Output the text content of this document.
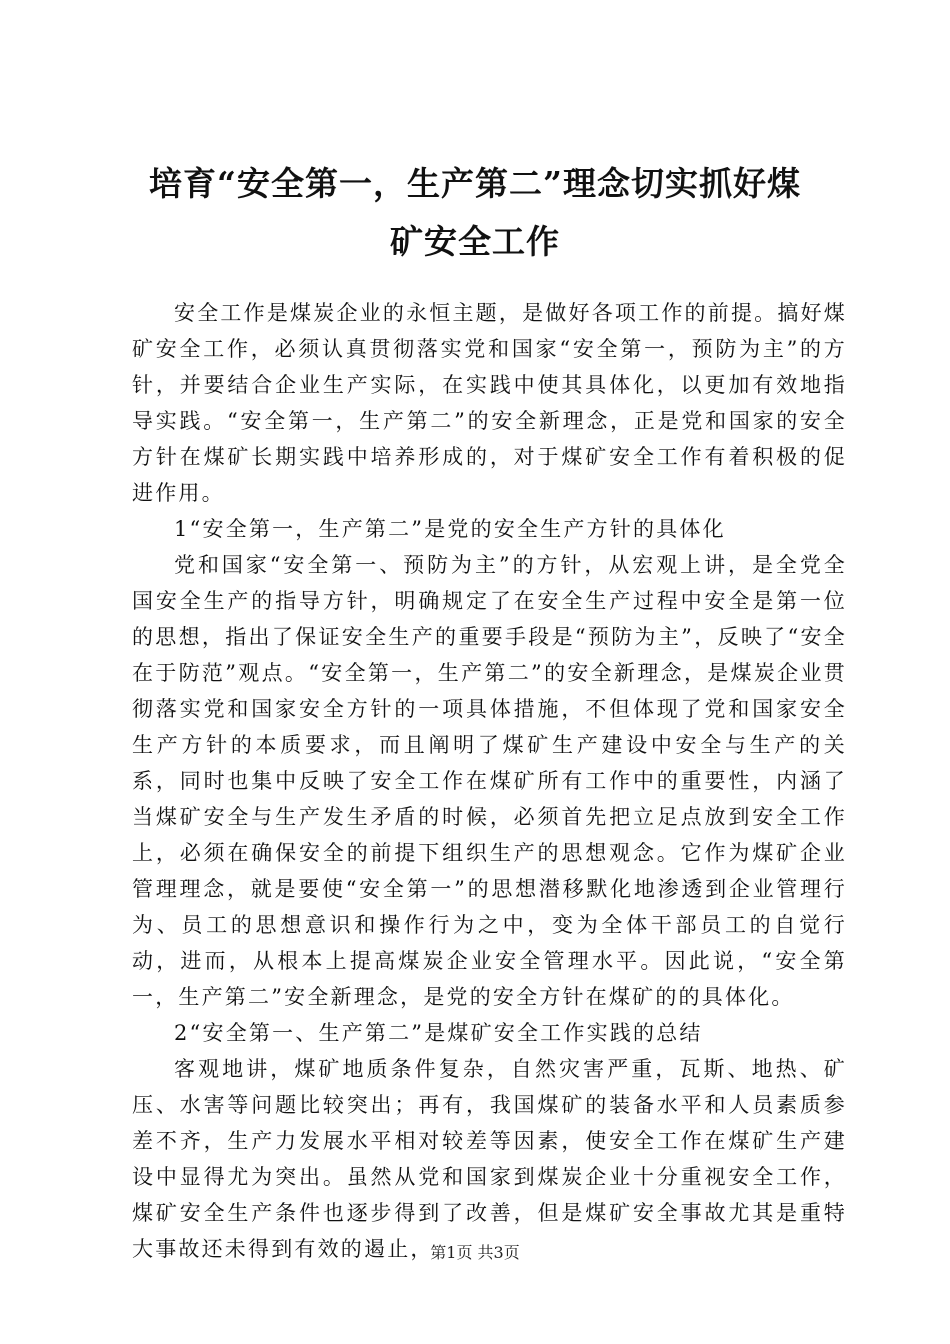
培育“安全第一，生产第二”理念切实抓好煤
矿安全工作

安全工作是煤炭企业的永恒主题，是做好各项工作的前提。搞好煤矿安全工作，必须认真贯彻落实党和国家“安全第一，预防为主”的方针，并要结合企业生产实际，在实践中使其具体化，以更加有效地指导实践。“安全第一，生产第二”的安全新理念，正是党和国家的安全方针在煤矿长期实践中培养形成的，对于煤矿安全工作有着积极的促进作用。

1“安全第一，生产第二”是党的安全生产方针的具体化

党和国家“安全第一、预防为主”的方针，从宏观上讲，是全党全国安全生产的指导方针，明确规定了在安全生产过程中安全是第一位的思想，指出了保证安全生产的重要手段是“预防为主”，反映了“安全在于防范”观点。“安全第一，生产第二”的安全新理念，是煤炭企业贯彻落实党和国家安全方针的一项具体措施，不但体现了党和国家安全生产方针的本质要求，而且阐明了煤矿生产建设中安全与生产的关系，同时也集中反映了安全工作在煤矿所有工作中的重要性，内涵了当煤矿安全与生产发生矛盾的时候，必须首先把立足点放到安全工作上，必须在确保安全的前提下组织生产的思想观念。它作为煤矿企业管理理念，就是要使“安全第一”的思想潜移默化地渗透到企业管理行为、员工的思想意识和操作行为之中，变为全体干部员工的自觉行动，进而，从根本上提高煤炭企业安全管理水平。因此说，“安全第一，生产第二”安全新理念，是党的安全方针在煤矿的的具体化。

2“安全第一、生产第二”是煤矿安全工作实践的总结

客观地讲，煤矿地质条件复杂，自然灾害严重，瓦斯、地热、矿压、水害等问题比较突出；再有，我国煤矿的装备水平和人员素质参差不齐，生产力发展水平相对较差等因素，使安全工作在煤矿生产建设中显得尤为突出。虽然从党和国家到煤炭企业十分重视安全工作，煤矿安全生产条件也逐步得到了改善，但是煤矿安全事故尤其是重特大事故还未得到有效的遏止，

第1页 共3页
